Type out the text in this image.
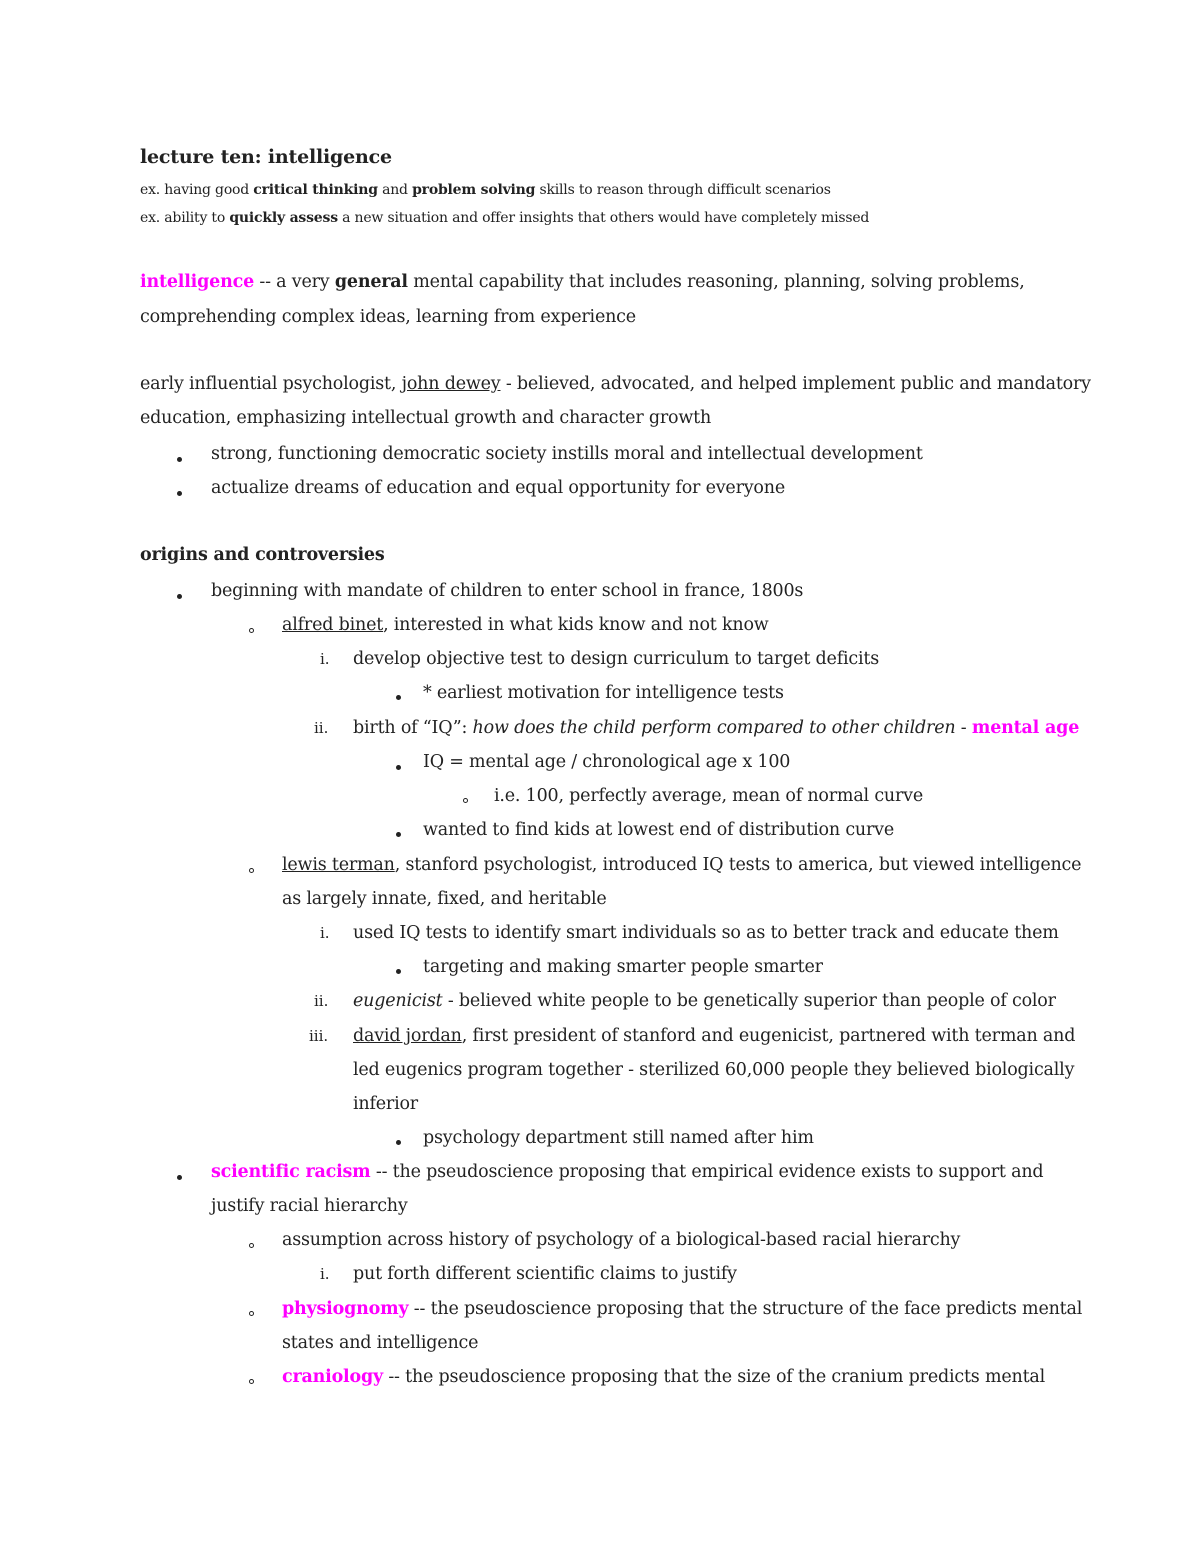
lecture ten: intelligence
ex. having good critical thinking and problem solving skills to reason through difficult scenarios
ex. ability to quickly assess a new situation and offer insights that others would have completely missed
intelligence -- a very general mental capability that includes reasoning, planning, solving problems,
comprehending complex ideas, learning from experience
early influential psychologist, john dewey - believed, advocated, and helped implement public and mandatory
education, emphasizing intellectual growth and character growth
strong, functioning democratic society instills moral and intellectual development
actualize dreams of education and equal opportunity for everyone
origins and controversies
beginning with mandate of children to enter school in france, 1800s
alfred binet, interested in what kids know and not know
i. develop objective test to design curriculum to target deficits
* earliest motivation for intelligence tests
ii. birth of “IQ”: how does the child perform compared to other children - mental age
IQ = mental age / chronological age x 100
i.e. 100, perfectly average, mean of normal curve
wanted to find kids at lowest end of distribution curve
lewis terman, stanford psychologist, introduced IQ tests to america, but viewed intelligence
as largely innate, fixed, and heritable
i. used IQ tests to identify smart individuals so as to better track and educate them
targeting and making smarter people smarter
ii. eugenicist - believed white people to be genetically superior than people of color
iii. david jordan, first president of stanford and eugenicist, partnered with terman and
led eugenics program together - sterilized 60,000 people they believed biologically
inferior
psychology department still named after him
scientific racism -- the pseudoscience proposing that empirical evidence exists to support and
justify racial hierarchy
assumption across history of psychology of a biological-based racial hierarchy
i. put forth different scientific claims to justify
physiognomy -- the pseudoscience proposing that the structure of the face predicts mental
states and intelligence
craniology -- the pseudoscience proposing that the size of the cranium predicts mental
